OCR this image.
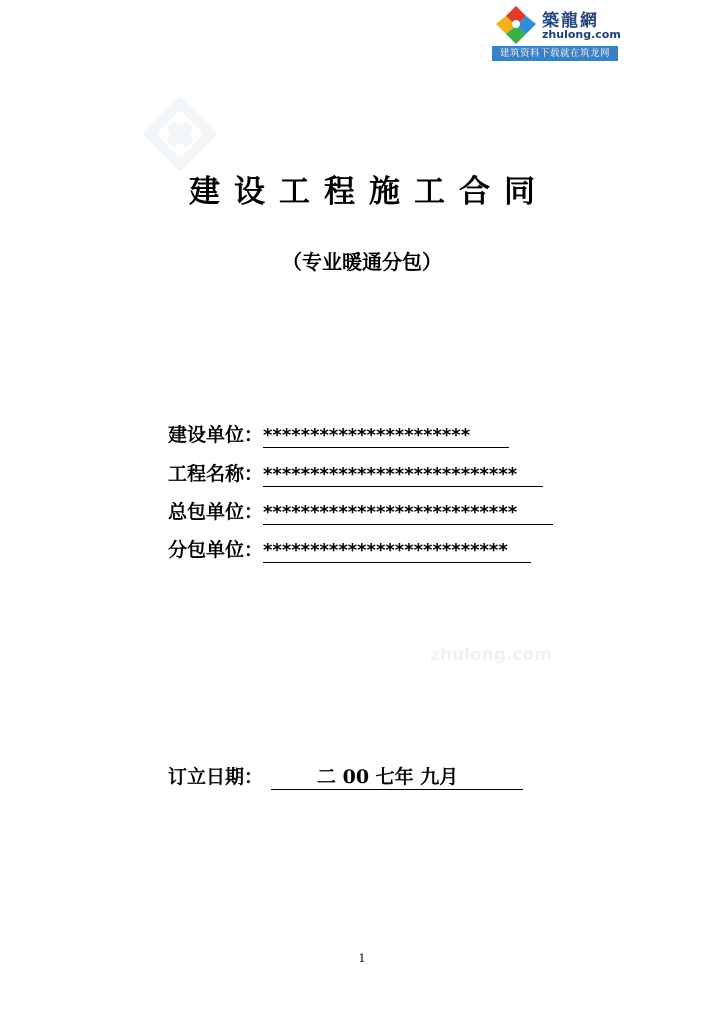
築龍網
zhulong.com
建筑资料下载就在筑龙网
zhulong.com
建设工程施工合同
（专业暖通分包）
建设单位：**********************
工程名称：***************************
总包单位：***************************
分包单位：**************************
订立日期：	二 00 七年 九月
1
